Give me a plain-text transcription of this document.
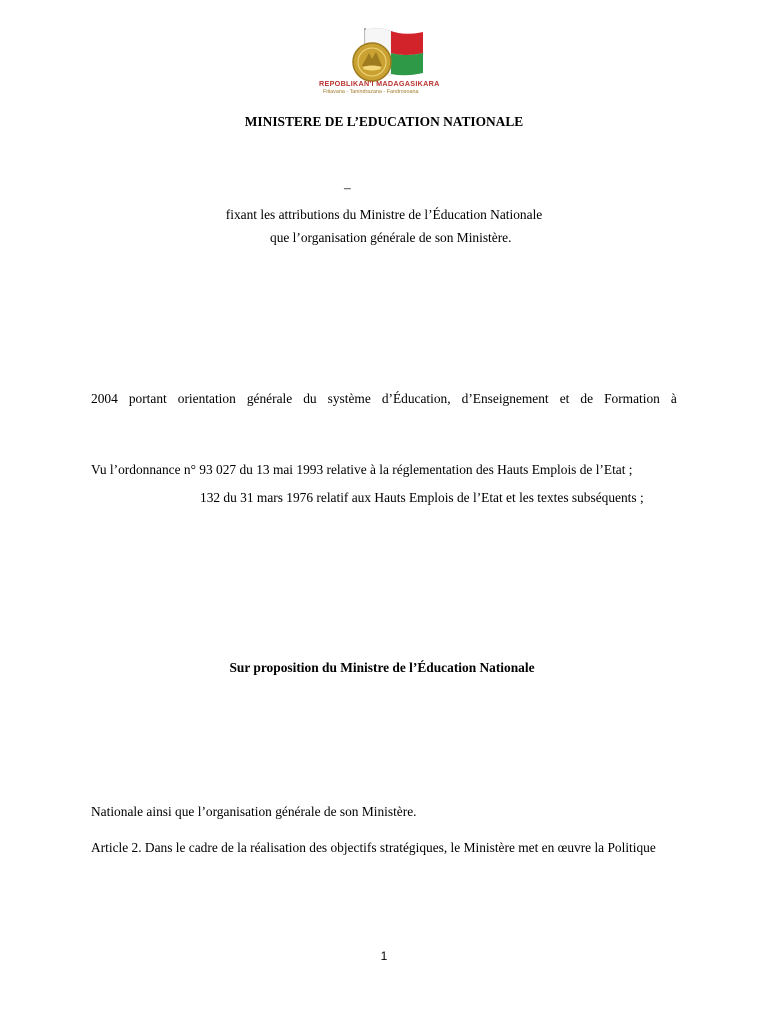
REPOBLIKAN'I MADAGASIKARA
Fitiavana - Tanindrazana - Fandrosoana
MINISTERE DE L’EDUCATION NATIONALE
–
fixant les attributions du Ministre de l’Éducation Nationale
que l’organisation générale de son Ministère.
2004 portant orientation générale du système d’Éducation, d’Enseignement et de Formation à
Vu l’ordonnance n° 93 027 du 13 mai 1993 relative à la réglementation des Hauts Emplois de l’Etat ;
132 du 31 mars 1976 relatif aux Hauts Emplois de l’Etat et les textes subséquents ;
Sur proposition du Ministre de l’Éducation Nationale
Nationale ainsi que l’organisation générale de son Ministère.
Article 2. Dans le cadre de la réalisation des objectifs stratégiques, le Ministère met en œuvre la Politique
1
